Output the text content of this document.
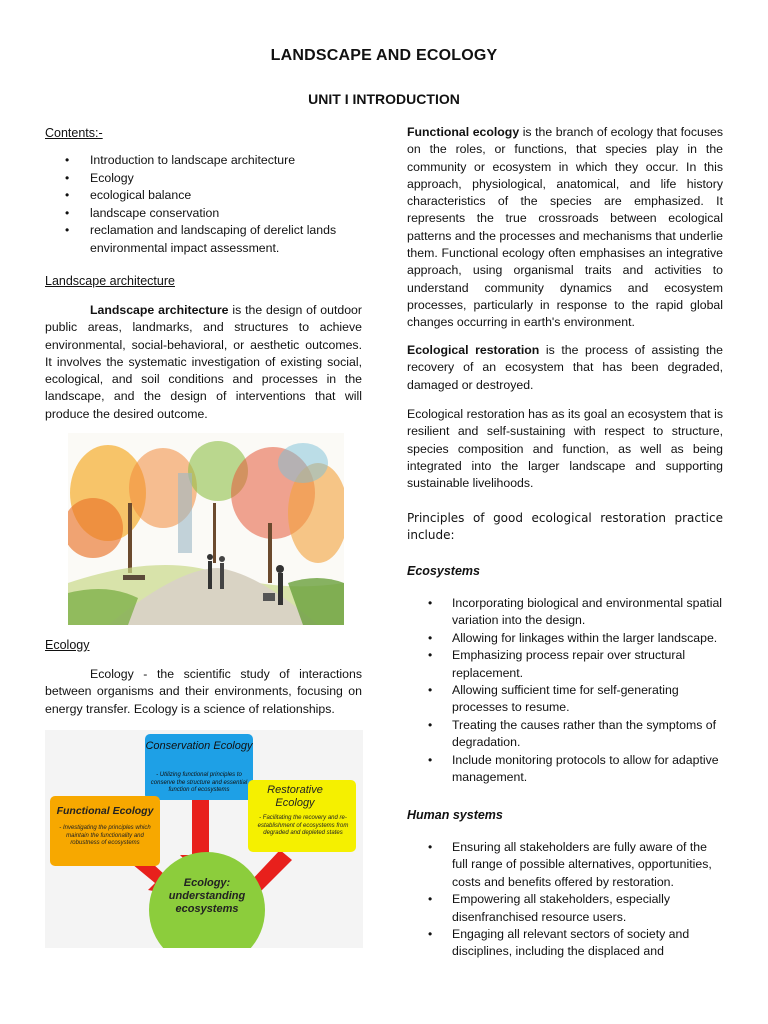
LANDSCAPE AND ECOLOGY
UNIT I INTRODUCTION
Contents:-
• Introduction to landscape architecture
• Ecology
• ecological balance
• landscape conservation
• reclamation and landscaping of derelict lands environmental impact assessment.
Landscape architecture
Landscape architecture is the design of outdoor public areas, landmarks, and structures to achieve environmental, social-behavioral, or aesthetic outcomes. It involves the systematic investigation of existing social, ecological, and soil conditions and processes in the landscape, and the design of interventions that will produce the desired outcome.
Ecology
Ecology - the scientific study of interactions between organisms and their environments, focusing on energy transfer. Ecology is a science of relationships.
Conservation Ecology
- Utilizing functional principles to conserve the structure and essential function of ecosystems	Restorative Ecology
- Facilitating the recovery and re-establishment of ecosystems from degraded and depleted states
Functional Ecology
- Investigating the principles which maintain the functionality and robustness of ecosystems
Ecology: understanding ecosystems
Functional ecology is the branch of ecology that focuses on the roles, or functions, that species play in the community or ecosystem in which they occur. In this approach, physiological, anatomical, and life history characteristics of the species are emphasized. It represents the true crossroads between ecological patterns and the processes and mechanisms that underlie them. Functional ecology often emphasises an integrative approach, using organismal traits and activities to understand community dynamics and ecosystem processes, particularly in response to the rapid global changes occurring in earth's environment.
Ecological restoration is the process of assisting the recovery of an ecosystem that has been degraded, damaged or destroyed.
Ecological restoration has as its goal an ecosystem that is resilient and self-sustaining with respect to structure, species composition and function, as well as being integrated into the larger landscape and supporting sustainable livelihoods.
Principles of good ecological restoration practice include:
Ecosystems
• Incorporating biological and environmental spatial variation into the design.
• Allowing for linkages within the larger landscape.
• Emphasizing process repair over structural replacement.
• Allowing sufficient time for self-generating processes to resume.
• Treating the causes rather than the symptoms of degradation.
• Include monitoring protocols to allow for adaptive management.
Human systems
• Ensuring all stakeholders are fully aware of the full range of possible alternatives, opportunities, costs and benefits offered by restoration.
• Empowering all stakeholders, especially disenfranchised resource users.
• Engaging all relevant sectors of society and disciplines, including the displaced and
